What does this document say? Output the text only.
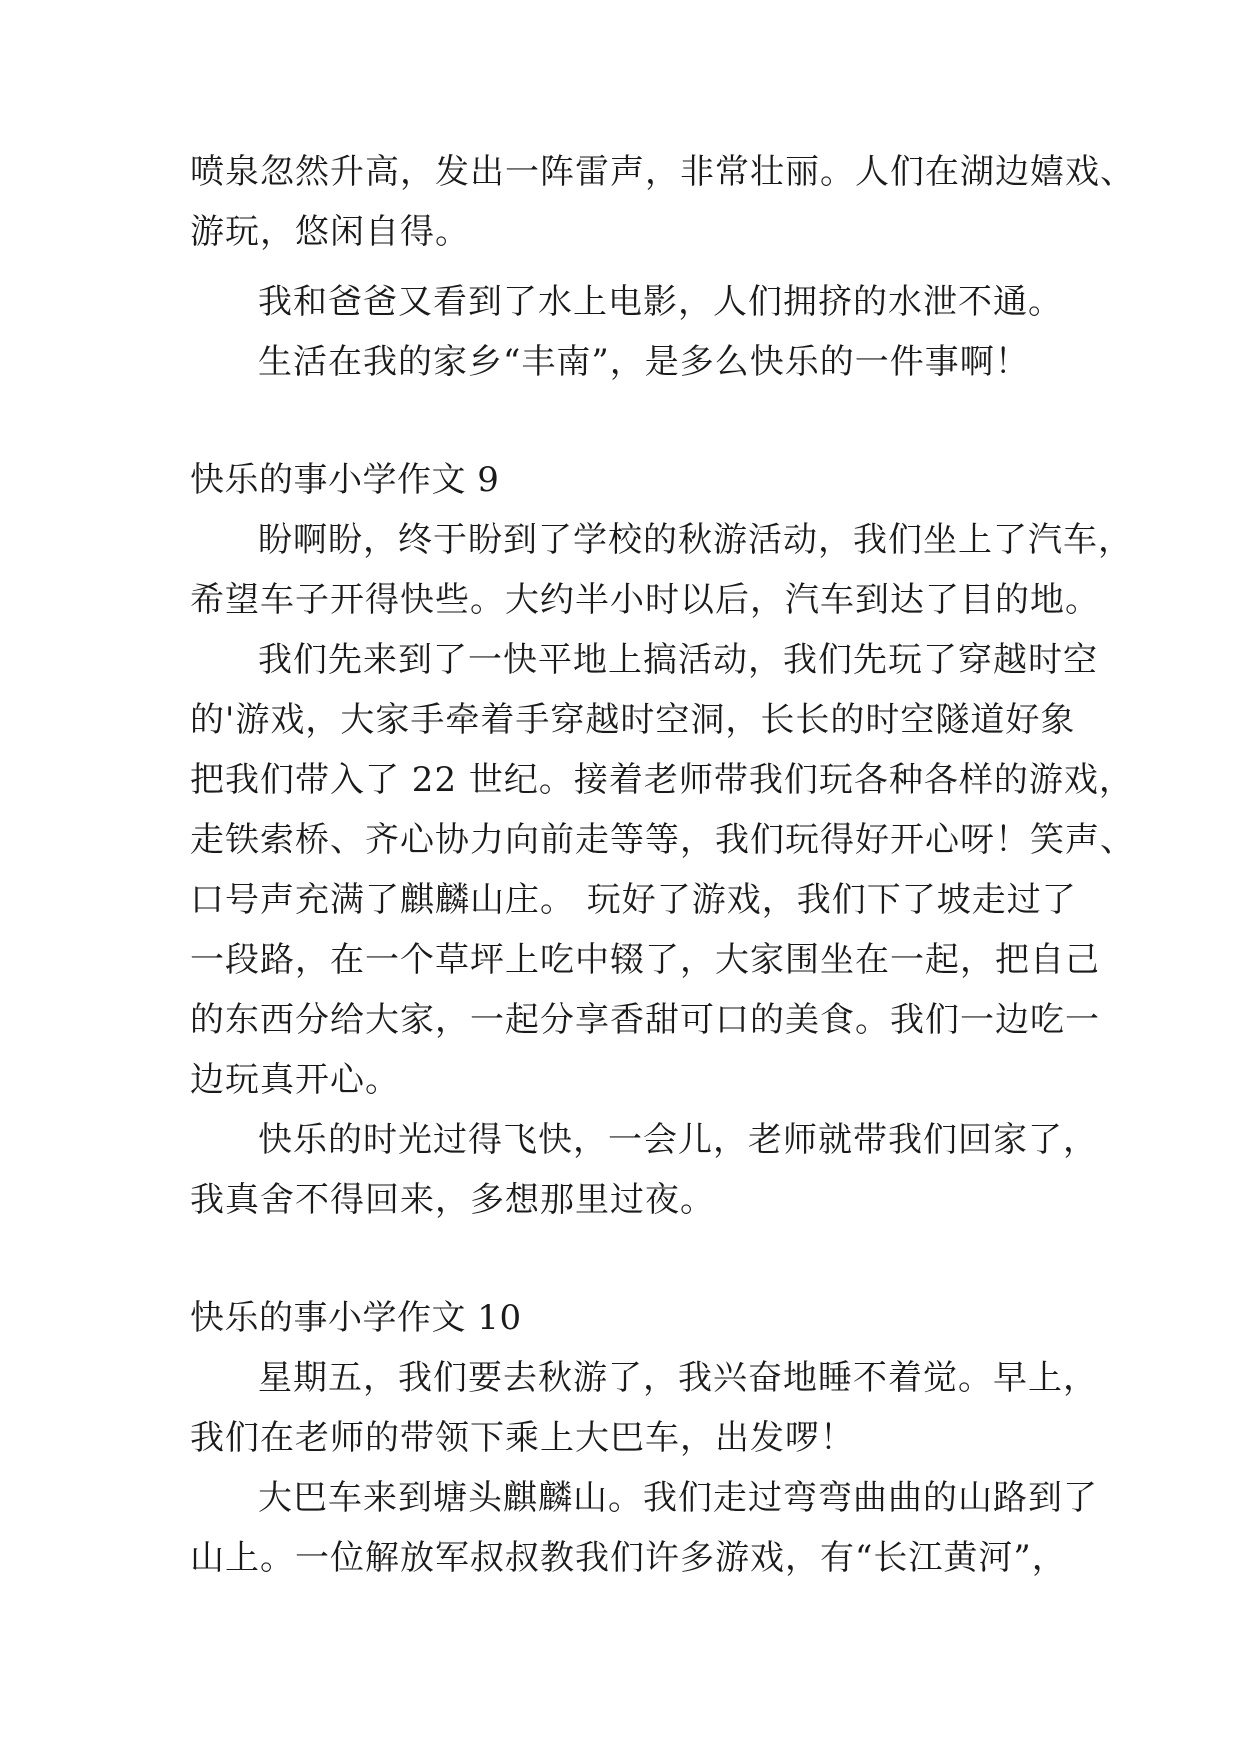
喷泉忽然升高，发出一阵雷声，非常壮丽。人们在湖边嬉戏、
游玩，悠闲自得。
我和爸爸又看到了水上电影，人们拥挤的水泄不通。
生活在我的家乡“丰南”，是多么快乐的一件事啊！
快乐的事小学作文 9
盼啊盼，终于盼到了学校的秋游活动，我们坐上了汽车，
希望车子开得快些。大约半小时以后，汽车到达了目的地。
我们先来到了一快平地上搞活动，我们先玩了穿越时空
的'游戏，大家手牵着手穿越时空洞，长长的时空隧道好象
把我们带入了 22 世纪。接着老师带我们玩各种各样的游戏，
走铁索桥、齐心协力向前走等等，我们玩得好开心呀！笑声、
口号声充满了麒麟山庄。 玩好了游戏，我们下了坡走过了
一段路，在一个草坪上吃中辍了，大家围坐在一起，把自己
的东西分给大家，一起分享香甜可口的美食。我们一边吃一
边玩真开心。
快乐的时光过得飞快，一会儿，老师就带我们回家了，
我真舍不得回来，多想那里过夜。
快乐的事小学作文 10
星期五，我们要去秋游了，我兴奋地睡不着觉。早上，
我们在老师的带领下乘上大巴车，出发啰！
大巴车来到塘头麒麟山。我们走过弯弯曲曲的山路到了
山上。一位解放军叔叔教我们许多游戏，有“长江黄河”，
